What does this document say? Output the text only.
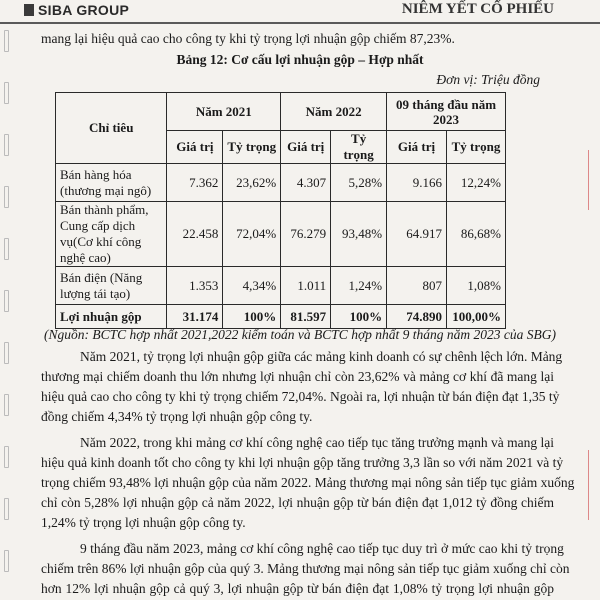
SIBA GROUP	NIÊM YẾT CỔ PHIẾU
mang lại hiệu quả cao cho công ty khi tỷ trọng lợi nhuận gộp chiếm 87,23%.
Bảng 12: Cơ cấu lợi nhuận gộp – Hợp nhất
Đơn vị: Triệu đồng
Chỉ tiêu	Năm 2021		Năm 2022		09 tháng đầu năm 2023	
	Giá trị	Tỷ trọng	Giá trị	Tỷ trọng	Giá trị	Tỷ trọng
Bán hàng hóa (thương mại ngô)	7.362	23,62%	4.307	5,28%	9.166	12,24%
Bán thành phẩm, Cung cấp dịch vụ(Cơ khí công nghệ cao)	22.458	72,04%	76.279	93,48%	64.917	86,68%
Bán điện (Năng lượng tái tạo)	1.353	4,34%	1.011	1,24%	807	1,08%
Lợi nhuận gộp	31.174	100%	81.597	100%	74.890	100,00%
(Nguồn: BCTC hợp nhất 2021,2022 kiểm toán và BCTC hợp nhất 9 tháng năm 2023 của SBG)
Năm 2021, tỷ trọng lợi nhuận gộp giữa các mảng kinh doanh có sự chênh lệch lớn. Mảng
thương mại chiếm doanh thu lớn nhưng lợi nhuận chỉ còn 23,62% và mảng cơ khí đã mang lại
hiệu quả cao cho công ty khi tỷ trọng chiếm 72,04%. Ngoài ra, lợi nhuận từ bán điện đạt 1,35 tỷ
đồng chiếm 4,34% tỷ trọng lợi nhuận gộp công ty.
Năm 2022, trong khi mảng cơ khí công nghệ cao tiếp tục tăng trưởng mạnh và mang lại
hiệu quả kinh doanh tốt cho công ty khi lợi nhuận gộp tăng trưởng 3,3 lần so với năm 2021 và tỷ
trọng chiếm 93,48% lợi nhuận gộp của năm 2022. Mảng thương mại nông sản tiếp tục giảm xuống
chỉ còn 5,28% lợi nhuận gộp cả năm 2022, lợi nhuận gộp từ bán điện đạt 1,012 tỷ đồng chiếm
1,24% tỷ trọng lợi nhuận gộp công ty.
9 tháng đầu năm 2023, mảng cơ khí công nghệ cao tiếp tục duy trì ở mức cao khi tỷ trọng
chiếm trên 86% lợi nhuận gộp của quý 3. Mảng thương mại nông sản tiếp tục giảm xuống chỉ còn
hơn 12% lợi nhuận gộp cả quý 3, lợi nhuận gộp từ bán điện đạt 1,08% tỷ trọng lợi nhuận gộp
